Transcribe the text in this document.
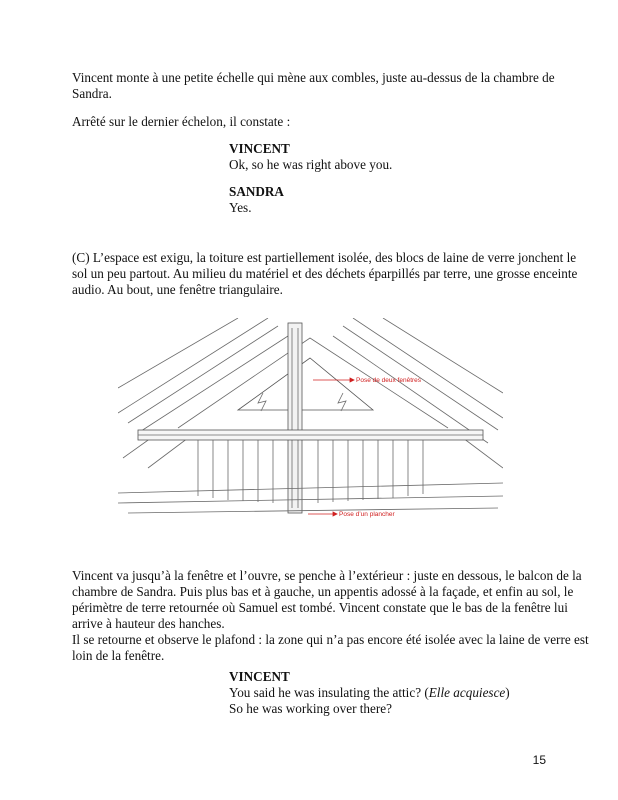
Vincent monte à une petite échelle qui mène aux combles, juste au-dessus de la chambre de
Sandra.
Arrêté sur le dernier échelon, il constate :
VINCENT
Ok, so he was right above you.
SANDRA
Yes.
(C) L’espace est exigu, la toiture est partiellement isolée, des blocs de laine de verre jonchent le
sol un peu partout. Au milieu du matériel et des déchets éparpillés par terre, une grosse enceinte
audio. Au bout, une fenêtre triangulaire.
Pose de deux fenêtres
Pose d’un plancher
Vincent va jusqu’à la fenêtre et l’ouvre, se penche à l’extérieur : juste en dessous, le balcon de la
chambre de Sandra. Puis plus bas et à gauche, un appentis adossé à la façade, et enfin au sol, le
périmètre de terre retournée où Samuel est tombé. Vincent constate que le bas de la fenêtre lui
arrive à hauteur des hanches.
Il se retourne et observe le plafond : la zone qui n’a pas encore été isolée avec la laine de verre est
loin de la fenêtre.
VINCENT
You said he was insulating the attic? (Elle acquiesce)
So he was working over there?
15
